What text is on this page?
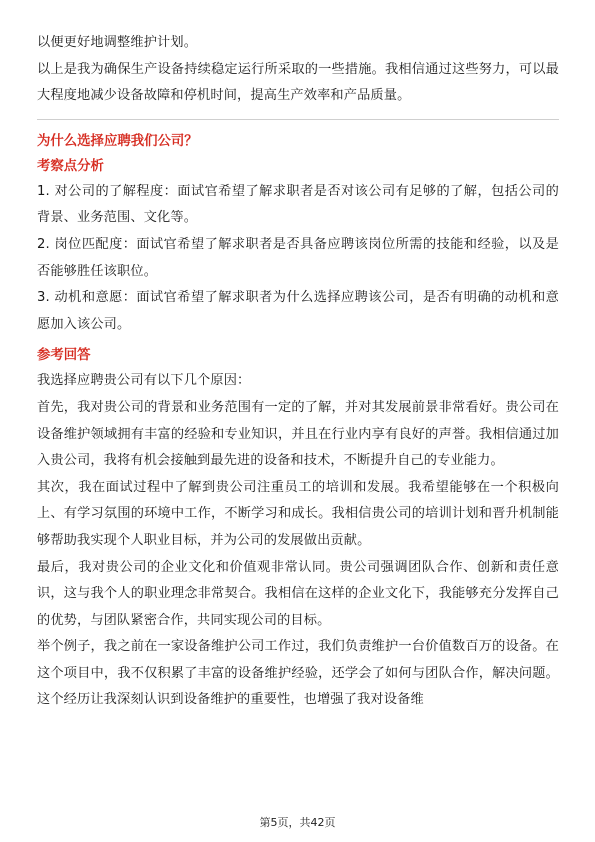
以便更好地调整维护计划。

以上是我为确保生产设备持续稳定运行所采取的一些措施。我相信通过这些努力，可以最大程度地减少设备故障和停机时间，提高生产效率和产品质量。

为什么选择应聘我们公司？
考察点分析

1. 对公司的了解程度：面试官希望了解求职者是否对该公司有足够的了解，包括公司的背景、业务范围、文化等。

2. 岗位匹配度：面试官希望了解求职者是否具备应聘该岗位所需的技能和经验，以及是否能够胜任该职位。

3. 动机和意愿：面试官希望了解求职者为什么选择应聘该公司，是否有明确的动机和意愿加入该公司。

参考回答

我选择应聘贵公司有以下几个原因：

首先，我对贵公司的背景和业务范围有一定的了解，并对其发展前景非常看好。贵公司在设备维护领域拥有丰富的经验和专业知识，并且在行业内享有良好的声誉。我相信通过加入贵公司，我将有机会接触到最先进的设备和技术，不断提升自己的专业能力。

其次，我在面试过程中了解到贵公司注重员工的培训和发展。我希望能够在一个积极向上、有学习氛围的环境中工作，不断学习和成长。我相信贵公司的培训计划和晋升机制能够帮助我实现个人职业目标，并为公司的发展做出贡献。

最后，我对贵公司的企业文化和价值观非常认同。贵公司强调团队合作、创新和责任意识，这与我个人的职业理念非常契合。我相信在这样的企业文化下，我能够充分发挥自己的优势，与团队紧密合作，共同实现公司的目标。

举个例子，我之前在一家设备维护公司工作过，我们负责维护一台价值数百万的设备。在这个项目中，我不仅积累了丰富的设备维护经验，还学会了如何与团队合作，解决问题。这个经历让我深刻认识到设备维护的重要性，也增强了我对设备维

第5页，共42页
